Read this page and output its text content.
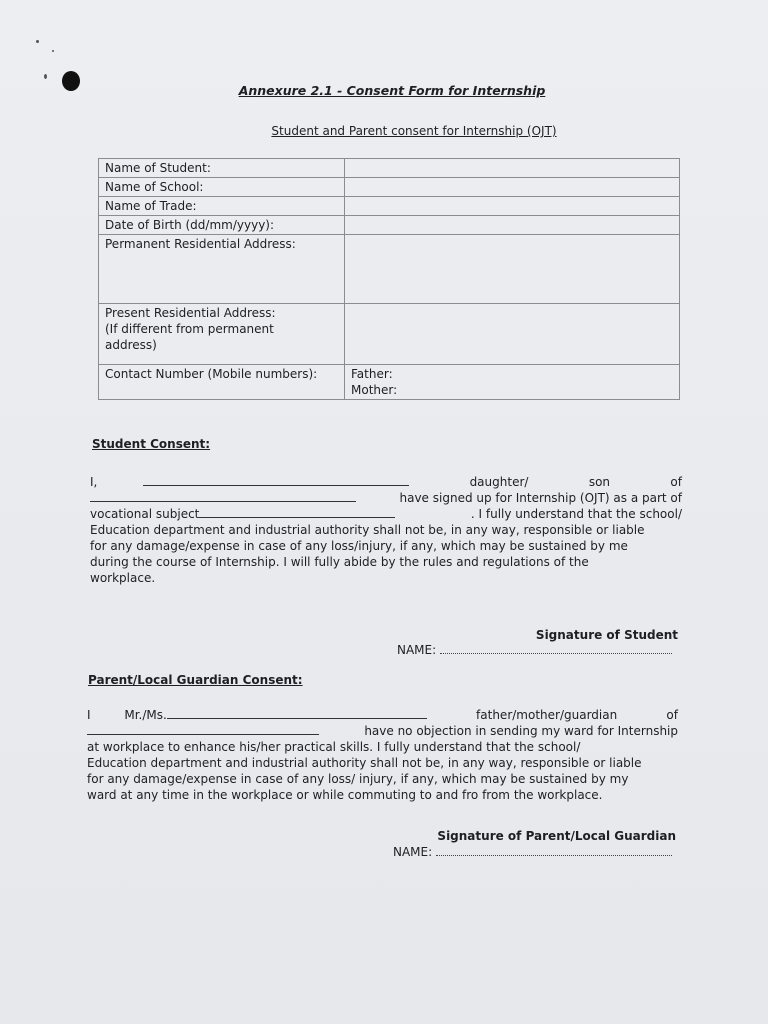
Annexure 2.1 - Consent Form for Internship
Student and Parent consent for Internship (OJT)
Name of Student:	
Name of School:	
Name of Trade:	
Date of Birth (dd/mm/yyyy):	
Permanent Residential Address:	

Present Residential Address:
(If different from permanent
address)	

Contact Number (Mobile numbers):	Father:
Mother:
Student Consent:
I,	daughter/	son	of
have signed up for Internship (OJT) as a part of
vocational subject	. I fully understand that the school/
Education department and industrial authority shall not be, in any way, responsible or liable
for any damage/expense in case of any loss/injury, if any, which may be sustained by me
during the course of Internship. I will fully abide by the rules and regulations of the
workplace.
Signature of Student
NAME:
Parent/Local Guardian Consent:
I	Mr./Ms.	father/mother/guardian	of
have no objection in sending my ward for Internship
at workplace to enhance his/her practical skills. I fully understand that the school/
Education department and industrial authority shall not be, in any way, responsible or liable
for any damage/expense in case of any loss/ injury, if any, which may be sustained by my
ward at any time in the workplace or while commuting to and fro from the workplace.
Signature of Parent/Local Guardian
NAME:
